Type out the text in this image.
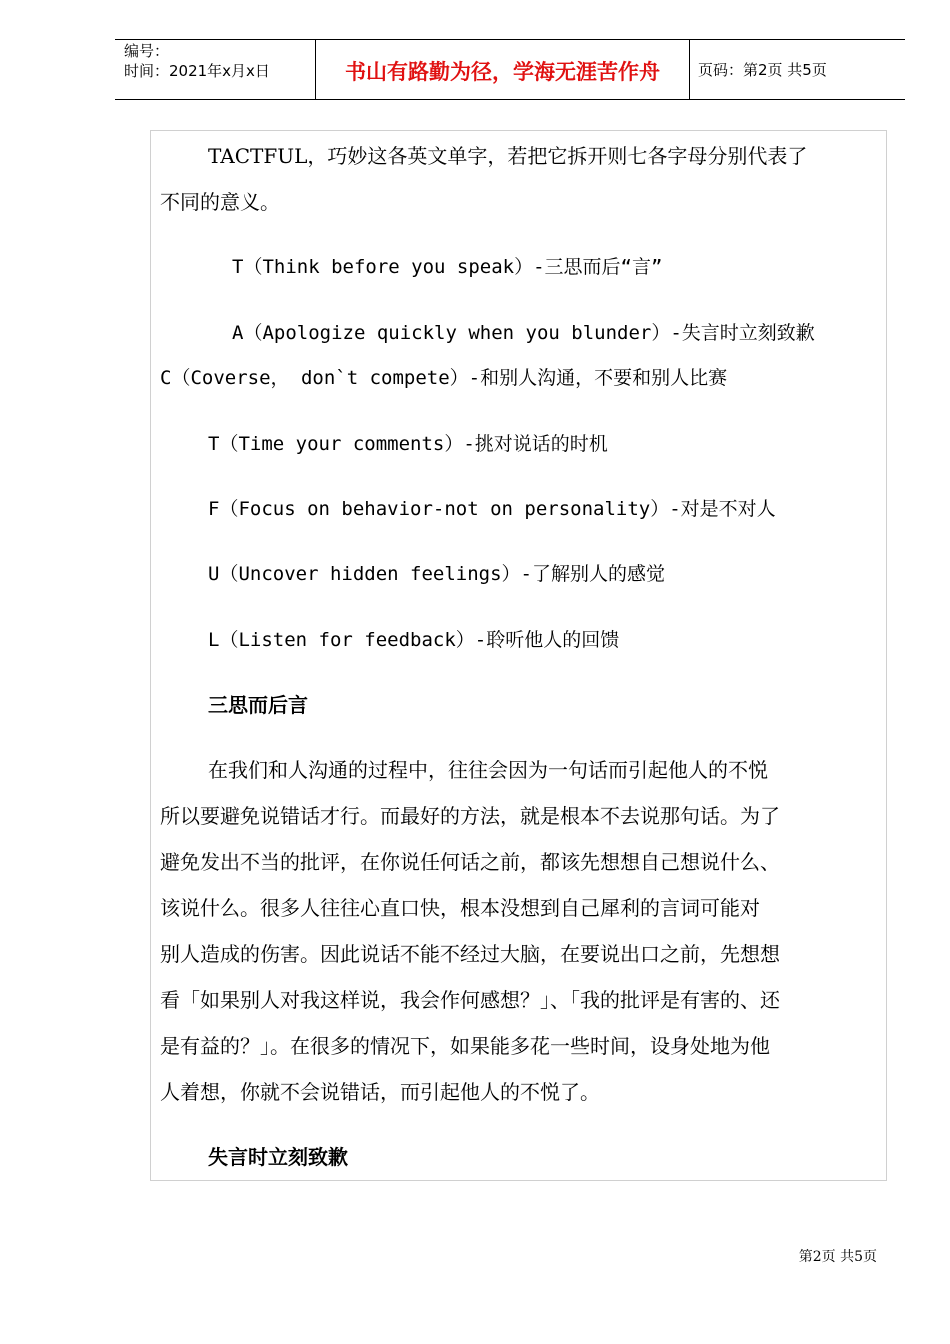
编号：
时间：2021年x月x日	书山有路勤为径，学海无涯苦作舟	页码：第2页 共5页
TACTFUL，巧妙这各英文单字，若把它拆开则七各字母分别代表了
不同的意义。
T（Think before you speak）-三思而后“言”
A（Apologize quickly when you blunder）-失言时立刻致歉
C（Coverse， don`t compete）-和别人沟通，不要和别人比赛
T（Time your comments）-挑对说话的时机
F（Focus on behavior-not on personality）-对是不对人
U（Uncover hidden feelings）-了解别人的感觉
L（Listen for feedback）-聆听他人的回馈
三思而后言
在我们和人沟通的过程中，往往会因为一句话而引起他人的不悦
所以要避免说错话才行。而最好的方法，就是根本不去说那句话。为了
避免发出不当的批评，在你说任何话之前，都该先想想自己想说什么、
该说什么。很多人往往心直口快，根本没想到自己犀利的言词可能对
别人造成的伤害。因此说话不能不经过大脑，在要说出口之前，先想想
看「如果别人对我这样说，我会作何感想？」、「我的批评是有害的、还
是有益的？」。在很多的情况下，如果能多花一些时间，设身处地为他
人着想，你就不会说错话，而引起他人的不悦了。
失言时立刻致歉
第2页 共5页
